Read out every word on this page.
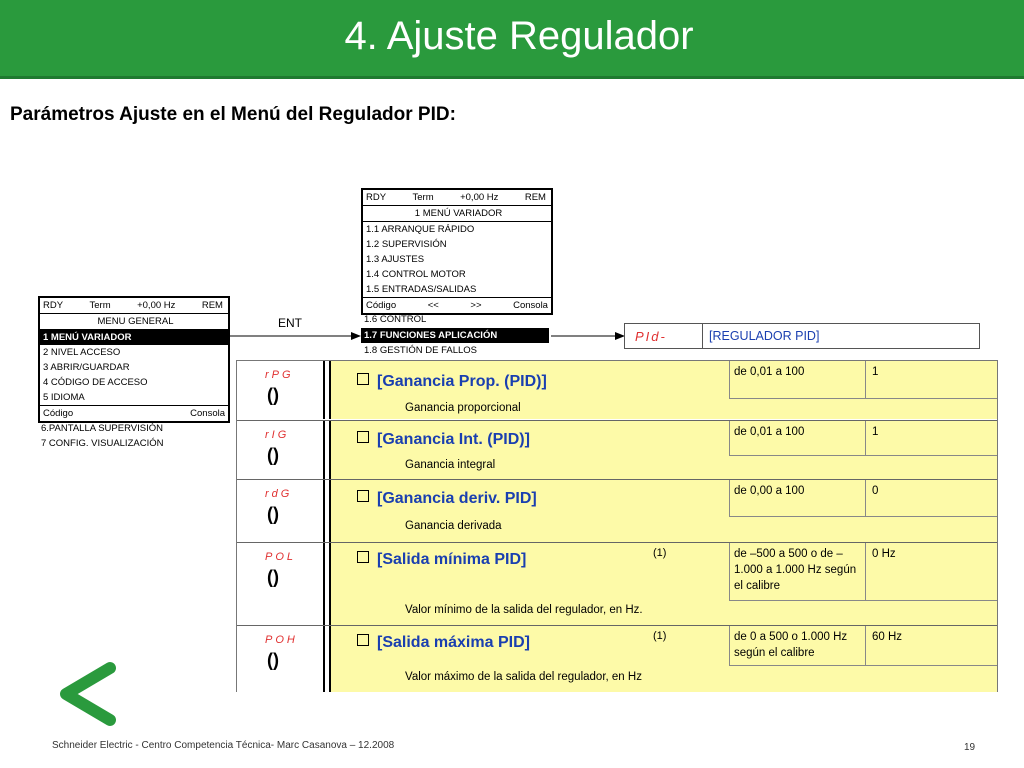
4. Ajuste Regulador
Parámetros Ajuste en el Menú del Regulador PID:
ENT
RDY	Term	+0,00 Hz	REM
MENU GENERAL
1 MENÚ VARIADOR
2 NIVEL ACCESO
3 ABRIR/GUARDAR
4 CÓDIGO DE ACCESO
5 IDIOMA
Código	Consola
6.PANTALLA SUPERVISIÓN
7 CONFIG. VISUALIZACIÓN
RDY	Term	+0,00 Hz	REM
1 MENÚ VARIADOR
1.1 ARRANQUE RÁPIDO
1.2 SUPERVISIÓN
1.3 AJUSTES
1.4 CONTROL MOTOR
1.5 ENTRADAS/SALIDAS
Código	<<	>>	Consola
1.6 CONTROL
1.7 FUNCIONES APLICACIÓN
1.8 GESTIÓN DE FALLOS
PId-	[REGULADOR PID]
rPG
()
[Ganancia Prop. (PID)]
Ganancia proporcional
de 0,01 a 100	1
rIG
()
[Ganancia Int. (PID)]
Ganancia integral
de 0,01 a 100	1
rdG
()
[Ganancia deriv. PID]
Ganancia derivada
de 0,00 a 100	0
POL
()
[Salida mínima PID]	(1)
Valor mínimo de la salida del regulador, en Hz.
de –500 a 500 o de –1.000 a 1.000 Hz según el calibre
0 Hz
POH
()
[Salida máxima PID]	(1)
Valor máximo de la salida del regulador, en Hz
de 0 a 500 o 1.000 Hz según el calibre
60 Hz
Schneider Electric - Centro Competencia Técnica- Marc Casanova – 12.2008	19
